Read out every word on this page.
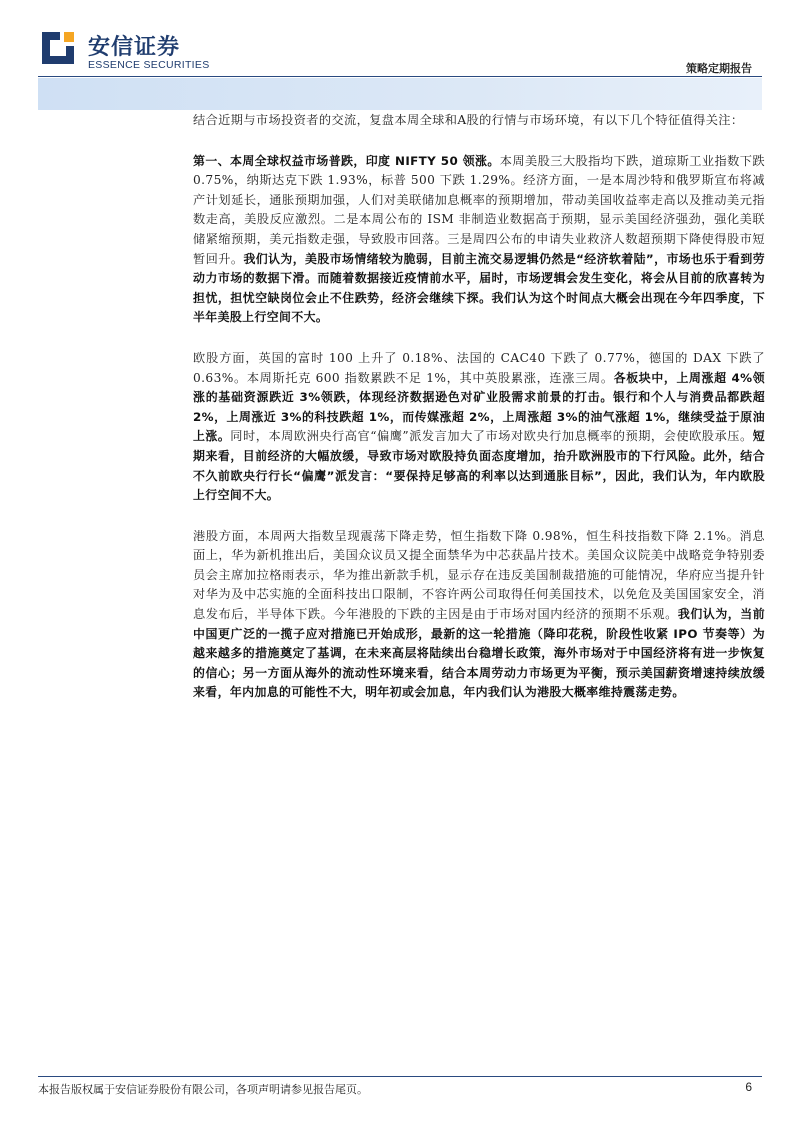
安信证券
ESSENCE SECURITIES	策略定期报告

结合近期与市场投资者的交流，复盘本周全球和A股的行情与市场环境，有以下几个特征值得关注：

第一、本周全球权益市场普跌，印度 NIFTY 50 领涨。本周美股三大股指均下跌，道琼斯工业指数下跌 0.75%，纳斯达克下跌 1.93%，标普 500 下跌 1.29%。经济方面，一是本周沙特和俄罗斯宣布将减产计划延长，通胀预期加强，人们对美联储加息概率的预期增加，带动美国收益率走高以及推动美元指数走高，美股反应激烈。二是本周公布的 ISM 非制造业数据高于预期，显示美国经济强劲，强化美联储紧缩预期，美元指数走强，导致股市回落。三是周四公布的申请失业救济人数超预期下降使得股市短暂回升。我们认为，美股市场情绪较为脆弱，目前主流交易逻辑仍然是“经济软着陆”，市场也乐于看到劳动力市场的数据下滑。而随着数据接近疫情前水平，届时，市场逻辑会发生变化，将会从目前的欣喜转为担忧，担忧空缺岗位会止不住跌势，经济会继续下探。我们认为这个时间点大概会出现在今年四季度，下半年美股上行空间不大。

欧股方面，英国的富时 100 上升了 0.18%、法国的 CAC40 下跌了 0.77%，德国的 DAX 下跌了 0.63%。本周斯托克 600 指数累跌不足 1%，其中英股累涨，连涨三周。各板块中，上周涨超 4%领涨的基础资源跌近 3%领跌，体现经济数据逊色对矿业股需求前景的打击。银行和个人与消费品都跌超 2%，上周涨近 3%的科技跌超 1%，而传媒涨超 2%，上周涨超 3%的油气涨超 1%，继续受益于原油上涨。同时，本周欧洲央行高官“偏鹰”派发言加大了市场对欧央行加息概率的预期，会使欧股承压。短期来看，目前经济的大幅放缓，导致市场对欧股持负面态度增加，抬升欧洲股市的下行风险。此外，结合不久前欧央行行长“偏鹰”派发言：“要保持足够高的利率以达到通胀目标”，因此，我们认为，年内欧股上行空间不大。

港股方面，本周两大指数呈现震荡下降走势，恒生指数下降 0.98%，恒生科技指数下降 2.1%。消息面上，华为新机推出后，美国众议员又提全面禁华为中芯获晶片技术。美国众议院美中战略竞争特别委员会主席加拉格雨表示，华为推出新款手机，显示存在违反美国制裁措施的可能情况，华府应当提升针对华为及中芯实施的全面科技出口限制，不容许两公司取得任何美国技术，以免危及美国国家安全，消息发布后，半导体下跌。今年港股的下跌的主因是由于市场对国内经济的预期不乐观。我们认为，当前中国更广泛的一揽子应对措施已开始成形，最新的这一轮措施（降印花税，阶段性收紧 IPO 节奏等）为越来越多的措施奠定了基调，在未来高层将陆续出台稳增长政策，海外市场对于中国经济将有进一步恢复的信心；另一方面从海外的流动性环境来看，结合本周劳动力市场更为平衡，预示美国薪资增速持续放缓来看，年内加息的可能性不大，明年初或会加息，年内我们认为港股大概率维持震荡走势。

本报告版权属于安信证券股份有限公司，各项声明请参见报告尾页。	6
